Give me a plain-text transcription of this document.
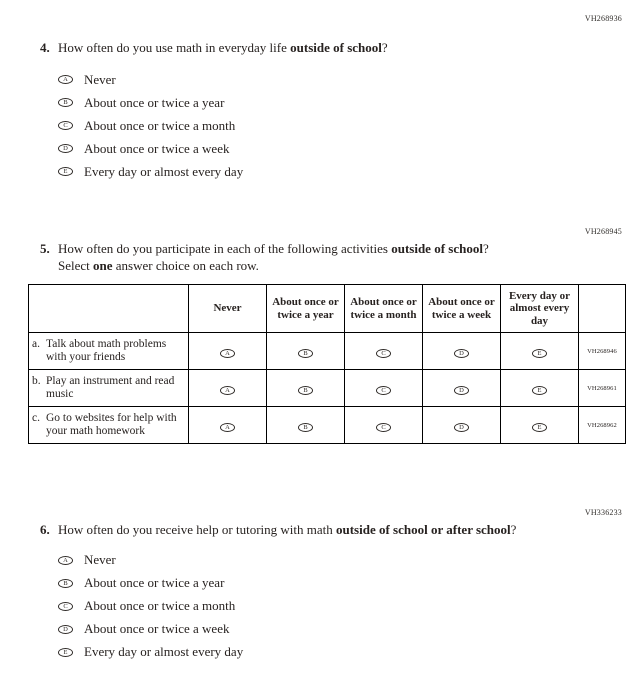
VH268936
4. How often do you use math in everyday life outside of school?
A	Never
B	About once or twice a year
C	About once or twice a month
D	About once or twice a week
E	Every day or almost every day
VH268945
5. How often do you participate in each of the following activities outside of school? Select one answer choice on each row.
	Never	About once or twice a year	About once or twice a month	About once or twice a week	Every day or almost every day	

a. Talk about math problems with your friends	A	B	C	D	E	VH268946

b. Play an instrument and read music	A	B	C	D	E	VH268961

c. Go to websites for help with your math homework	A	B	C	D	E	VH268962
VH336233
6. How often do you receive help or tutoring with math outside of school or after school?
A	Never
B	About once or twice a year
C	About once or twice a month
D	About once or twice a week
E	Every day or almost every day
